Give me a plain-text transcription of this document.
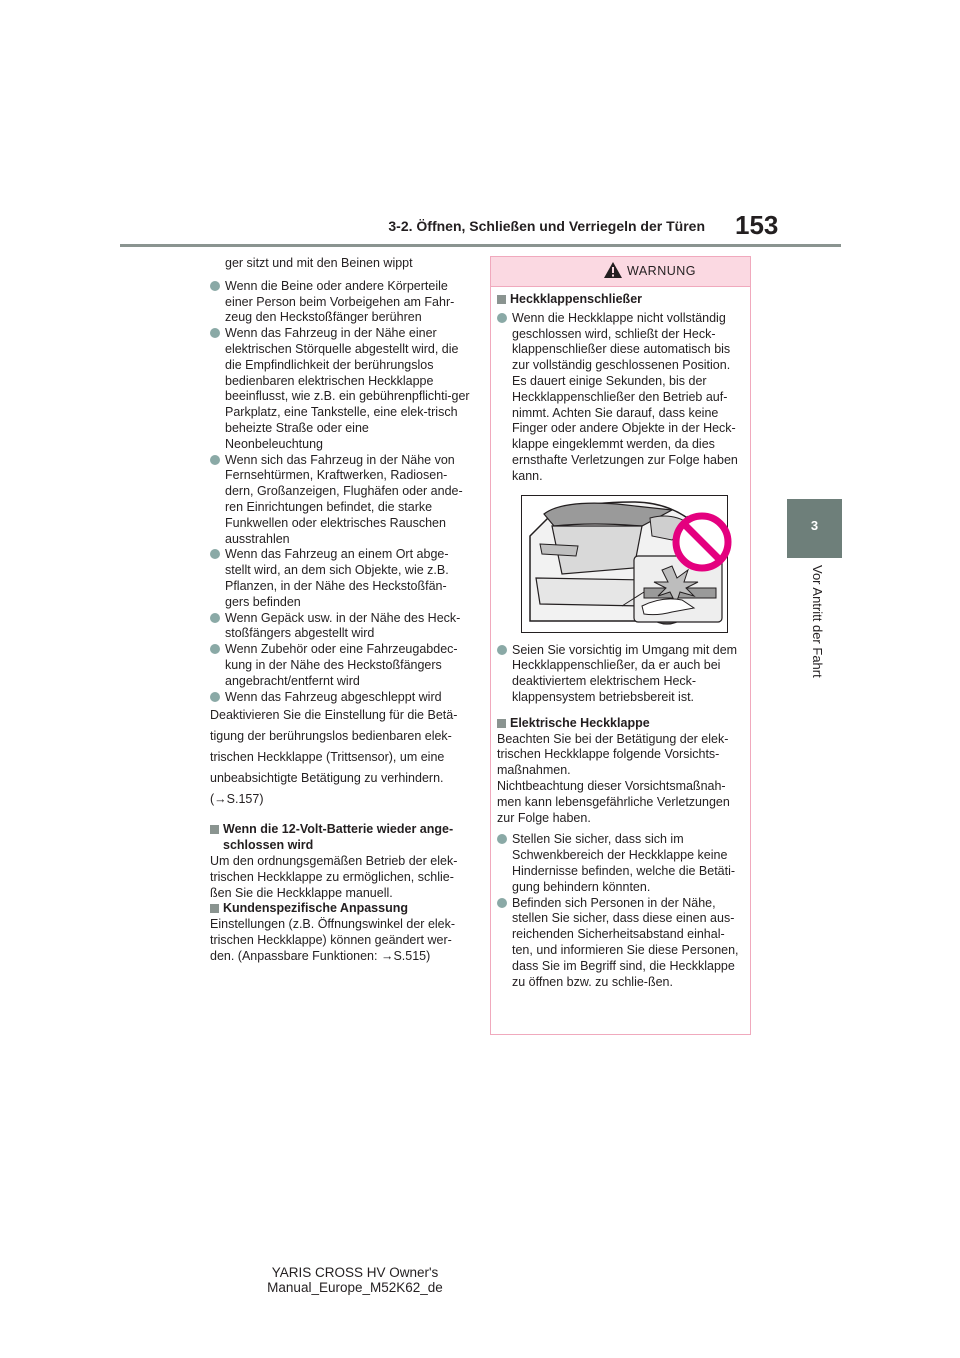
3-2. Öffnen, Schließen und Verriegeln der Türen 153
3
Vor Antritt der Fahrt

ger sitzt und mit den Beinen wippt

Wenn die Beine oder andere Körperteile einer Person beim Vorbeigehen am Fahr-zeug den Heckstoßfänger berühren

Wenn das Fahrzeug in der Nähe einer elektrischen Störquelle abgestellt wird, die die Empfindlichkeit der berührungslos bedienbaren elektrischen Heckklappe beeinflusst, wie z.B. ein gebührenpflichti-ger Parkplatz, eine Tankstelle, eine elek-trisch beheizte Straße oder eine Neonbeleuchtung

Wenn sich das Fahrzeug in der Nähe von Fernsehtürmen, Kraftwerken, Radiosen-dern, Großanzeigen, Flughäfen oder ande-ren Einrichtungen befindet, die starke Funkwellen oder elektrisches Rauschen ausstrahlen

Wenn das Fahrzeug an einem Ort abge-stellt wird, an dem sich Objekte, wie z.B. Pflanzen, in der Nähe des Heckstoßfän-gers befinden

Wenn Gepäck usw. in der Nähe des Heck-stoßfängers abgestellt wird

Wenn Zubehör oder eine Fahrzeugabdec-kung in der Nähe des Heckstoßfängers angebracht/entfernt wird

Wenn das Fahrzeug abgeschleppt wird

Deaktivieren Sie die Einstellung für die Betä-

tigung der berührungslos bedienbaren elek-

trischen Heckklappe (Trittsensor), um eine

unbeabsichtigte Betätigung zu verhindern.

(→S.157)

Wenn die 12-Volt-Batterie wieder ange-schlossen wird

Um den ordnungsgemäßen Betrieb der elek-trischen Heckklappe zu ermöglichen, schlie-ßen Sie die Heckklappe manuell.

Kundenspezifische Anpassung

Einstellungen (z.B. Öffnungswinkel der elek-trischen Heckklappe) können geändert wer-den. (Anpassbare Funktionen: →S.515)

WARNUNG

Heckklappenschließer

Wenn die Heckklappe nicht vollständig geschlossen wird, schließt der Heck-klappenschließer diese automatisch bis zur vollständig geschlossenen Position. Es dauert einige Sekunden, bis der Heckklappenschließer den Betrieb auf-nimmt. Achten Sie darauf, dass keine Finger oder andere Objekte in der Heck-klappe eingeklemmt werden, da dies ernsthafte Verletzungen zur Folge haben kann.

Seien Sie vorsichtig im Umgang mit dem Heckklappenschließer, da er auch bei deaktiviertem elektrischem Heck-klappensystem betriebsbereit ist.

Elektrische Heckklappe

Beachten Sie bei der Betätigung der elek-trischen Heckklappe folgende Vorsichts-maßnahmen.

Nichtbeachtung dieser Vorsichtsmaßnah-men kann lebensgefährliche Verletzungen zur Folge haben.

Stellen Sie sicher, dass sich im Schwenkbereich der Heckklappe keine Hindernisse befinden, welche die Betäti-gung behindern könnten.

Befinden sich Personen in der Nähe, stellen Sie sicher, dass diese einen aus-reichenden Sicherheitsabstand einhal-ten, und informieren Sie diese Personen, dass Sie im Begriff sind, die Heckklappe zu öffnen bzw. zu schlie-ßen.

YARIS CROSS HV Owner's Manual_Europe_M52K62_de
